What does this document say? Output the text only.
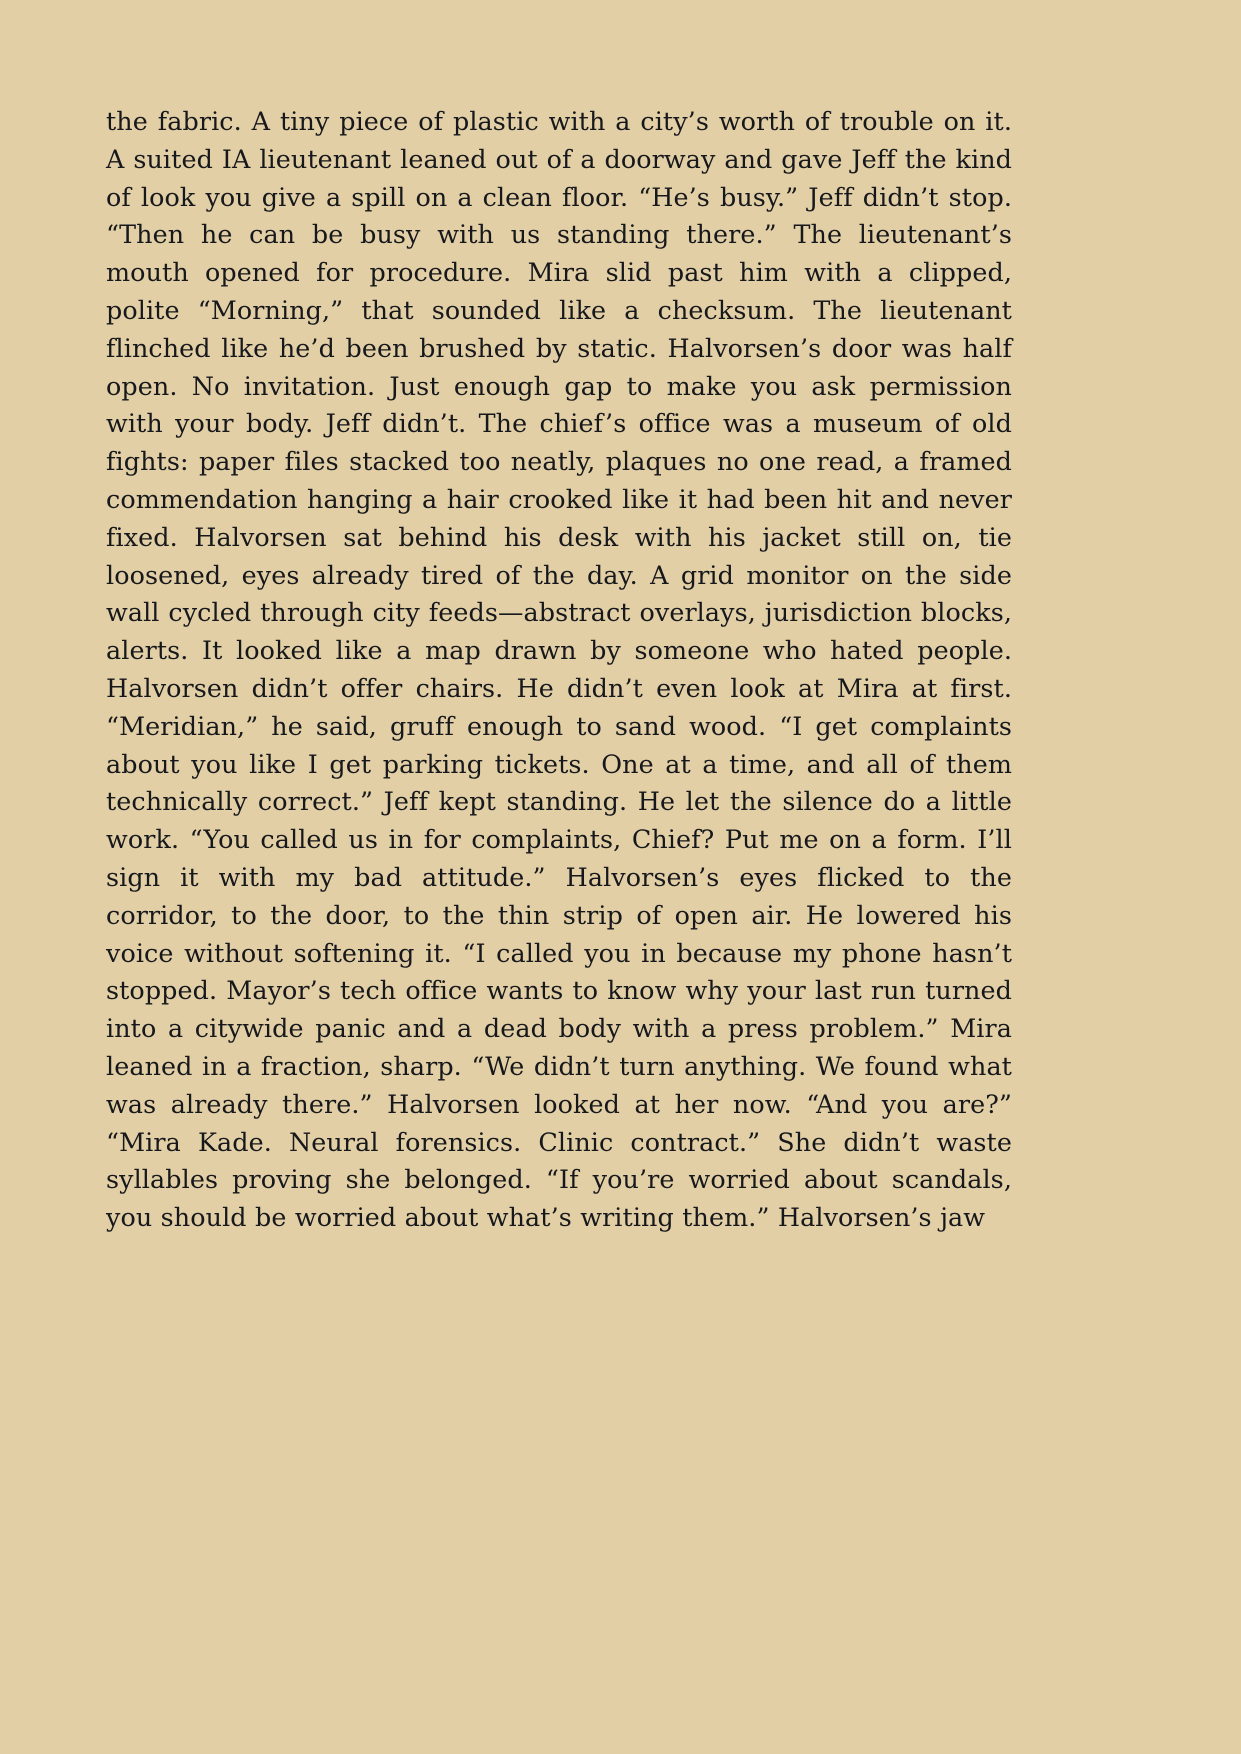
the fabric. A tiny piece of plastic with a city’s worth of trouble on it. A suited IA lieutenant leaned out of a doorway and gave Jeff the kind of look you give a spill on a clean floor. “He’s busy.” Jeff didn’t stop. “Then he can be busy with us standing there.” The lieutenant’s mouth opened for procedure. Mira slid past him with a clipped, polite “Morning,” that sounded like a checksum. The lieutenant flinched like he’d been brushed by static. Halvorsen’s door was half open. No invitation. Just enough gap to make you ask permission with your body. Jeff didn’t. The chief’s office was a museum of old fights: paper files stacked too neatly, plaques no one read, a framed commendation hanging a hair crooked like it had been hit and never fixed. Halvorsen sat behind his desk with his jacket still on, tie loosened, eyes already tired of the day. A grid monitor on the side wall cycled through city feeds—abstract overlays, jurisdiction blocks, alerts. It looked like a map drawn by someone who hated people. Halvorsen didn’t offer chairs. He didn’t even look at Mira at first. “Meridian,” he said, gruff enough to sand wood. “I get complaints about you like I get parking tickets. One at a time, and all of them technically correct.” Jeff kept standing. He let the silence do a little work. “You called us in for complaints, Chief? Put me on a form. I’ll sign it with my bad attitude.” Halvorsen’s eyes flicked to the corridor, to the door, to the thin strip of open air. He lowered his voice without softening it. “I called you in because my phone hasn’t stopped. Mayor’s tech office wants to know why your last run turned into a citywide panic and a dead body with a press problem.” Mira leaned in a fraction, sharp. “We didn’t turn anything. We found what was already there.” Halvorsen looked at her now. “And you are?” “Mira Kade. Neural forensics. Clinic contract.” She didn’t waste syllables proving she belonged. “If you’re worried about scandals, you should be worried about what’s writing them.” Halvorsen’s jaw
